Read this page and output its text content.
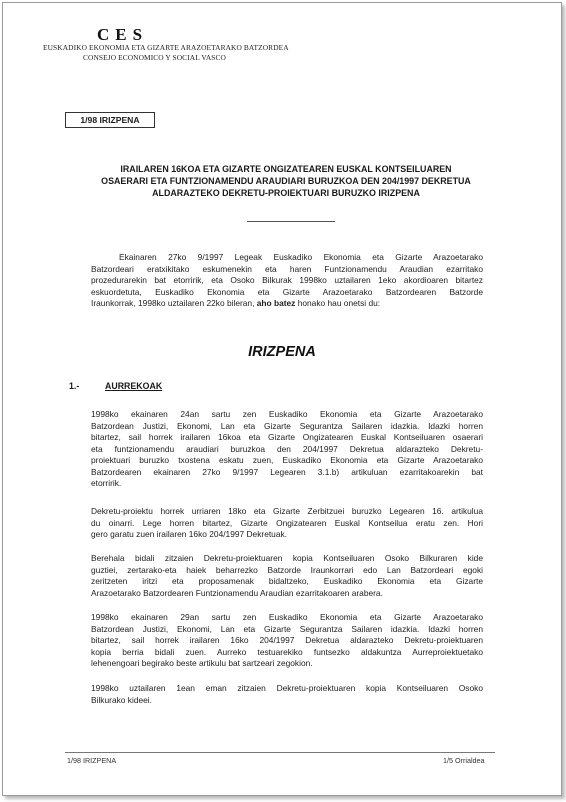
CES
EUSKADIKO EKONOMIA ETA GIZARTE ARAZOETARAKO BATZORDEA
CONSEJO ECONOMICO Y SOCIAL VASCO
1/98 IRIZPENA
IRAILAREN 16KOA ETA GIZARTE ONGIZATEAREN EUSKAL KONTSEILUAREN
OSAERARI ETA FUNTZIONAMENDU ARAUDIARI BURUZKOA DEN 204/1997 DEKRETUA
ALDARAZTEKO DEKRETU-PROIEKTUARI BURUZKO IRIZPENA
Ekainaren 27ko 9/1997 Legeak Euskadiko Ekonomia eta Gizarte Arazoetarako
Batzordeari eratxikitako eskumenekin eta haren Funtzionamendu Araudian ezarritako
prozedurarekin bat etorririk, eta Osoko Bilkurak 1998ko uztailaren 1eko akordioaren bitartez
eskuordetuta, Euskadiko Ekonomia eta Gizarte Arazoetarako Batzordearen Batzorde
Iraunkorrak, 1998ko uztailaren 22ko bileran, aho batez honako hau onetsi du:
IRIZPENA
1.-	AURREKOAK
1998ko ekainaren 24an sartu zen Euskadiko Ekonomia eta Gizarte Arazoetarako
Batzordean Justizi, Ekonomi, Lan eta Gizarte Segurantza Sailaren idazkia. Idazki horren
bitartez, sail horrek irailaren 16koa eta Gizarte Ongizatearen Euskal Kontseiluaren osaerari
eta funtzionamendu araudiari buruzkoa den 204/1997 Dekretua aldarazteko Dekretu-
proiektuari buruzko txostena eskatu zuen, Euskadiko Ekonomia eta Gizarte Arazoetarako
Batzordearen ekainaren 27ko 9/1997 Legearen 3.1.b) artikuluan ezarritakoarekin bat
etorririk.
Dekretu-proiektu horrek urriaren 18ko eta Gizarte Zerbitzuei buruzko Legearen 16. artikulua
du oinarri. Lege horren bitartez, Gizarte Ongizatearen Euskal Kontseilua eratu zen. Hori
gero garatu zuen irailaren 16ko 204/1997 Dekretuak.
Berehala bidali zitzaien Dekretu-proiektuaren kopia Kontseiluaren Osoko Bilkuraren kide
guztiei, zertarako-eta haiek beharrezko Batzorde Iraunkorrari edo Lan Batzordeari egoki
zeritzeten iritzi eta proposamenak bidaltzeko, Euskadiko Ekonomia eta Gizarte
Arazoetarako Batzordearen Funtzionamendu Araudian ezarritakoaren arabera.
1998ko ekainaren 29an sartu zen Euskadiko Ekonomia eta Gizarte Arazoetarako
Batzordean Justizi, Ekonomi, Lan eta Gizarte Segurantza Sailaren idazkia. Idazki horren
bitartez, sail horrek irailaren 16ko 204/1997 Dekretua aldarazteko Dekretu-proiektuaren
kopia berria bidali zuen. Aurreko testuarekiko funtsezko aldakuntza Aurreproiektuetako
lehenengoari begirako beste artikulu bat sartzeari zegokion.
1998ko uztailaren 1ean eman zitzaien Dekretu-proiektuaren kopia Kontseiluaren Osoko
Bilkurako kideei.
1/98 IRIZPENA	1/5 Orrialdea
